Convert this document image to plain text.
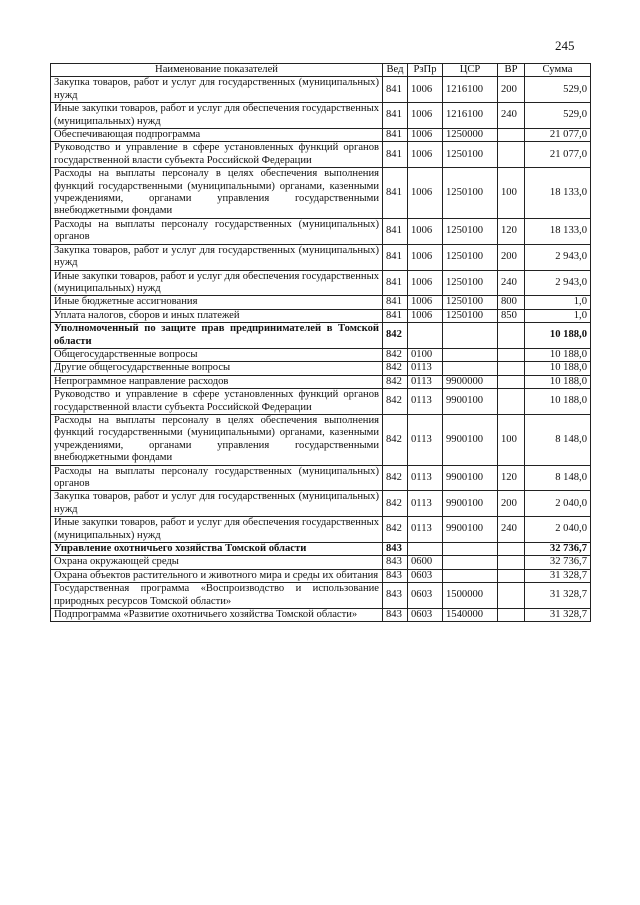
245
Наименование показателей	Вед	РзПр	ЦСР	ВР	Сумма
Закупка товаров, работ и услуг для государственных (муниципальных) нужд	841	1006	1216100	200	529,0
Иные закупки товаров, работ и услуг для обеспечения государственных (муниципальных) нужд	841	1006	1216100	240	529,0
Обеспечивающая подпрограмма	841	1006	1250000		21 077,0
Руководство и управление в сфере установленных функций органов государственной власти субъекта Российской Федерации	841	1006	1250100		21 077,0
Расходы на выплаты персоналу в целях обеспечения выполнения функций государственными (муниципальными) органами, казенными учреждениями, органами управления государственными внебюджетными фондами	841	1006	1250100	100	18 133,0
Расходы на выплаты персоналу государственных (муниципальных) органов	841	1006	1250100	120	18 133,0
Закупка товаров, работ и услуг для государственных (муниципальных) нужд	841	1006	1250100	200	2 943,0
Иные закупки товаров, работ и услуг для обеспечения государственных (муниципальных) нужд	841	1006	1250100	240	2 943,0
Иные бюджетные ассигнования	841	1006	1250100	800	1,0
Уплата налогов, сборов и иных платежей	841	1006	1250100	850	1,0
Уполномоченный по защите прав предпринимателей в Томской области	842				10 188,0
Общегосударственные вопросы	842	0100			10 188,0
Другие общегосударственные вопросы	842	0113			10 188,0
Непрограммное направление расходов	842	0113	9900000		10 188,0
Руководство и управление в сфере установленных функций органов государственной власти субъекта Российской Федерации	842	0113	9900100		10 188,0
Расходы на выплаты персоналу в целях обеспечения выполнения функций государственными (муниципальными) органами, казенными учреждениями, органами управления государственными внебюджетными фондами	842	0113	9900100	100	8 148,0
Расходы на выплаты персоналу государственных (муниципальных) органов	842	0113	9900100	120	8 148,0
Закупка товаров, работ и услуг для государственных (муниципальных) нужд	842	0113	9900100	200	2 040,0
Иные закупки товаров, работ и услуг для обеспечения государственных (муниципальных) нужд	842	0113	9900100	240	2 040,0
Управление охотничьего хозяйства Томской области	843				32 736,7
Охрана окружающей среды	843	0600			32 736,7
Охрана объектов растительного и животного мира и среды их обитания	843	0603			31 328,7
Государственная программа «Воспроизводство и использование природных ресурсов Томской области»	843	0603	1500000		31 328,7
Подпрограмма «Развитие охотничьего хозяйства Томской области»	843	0603	1540000		31 328,7
